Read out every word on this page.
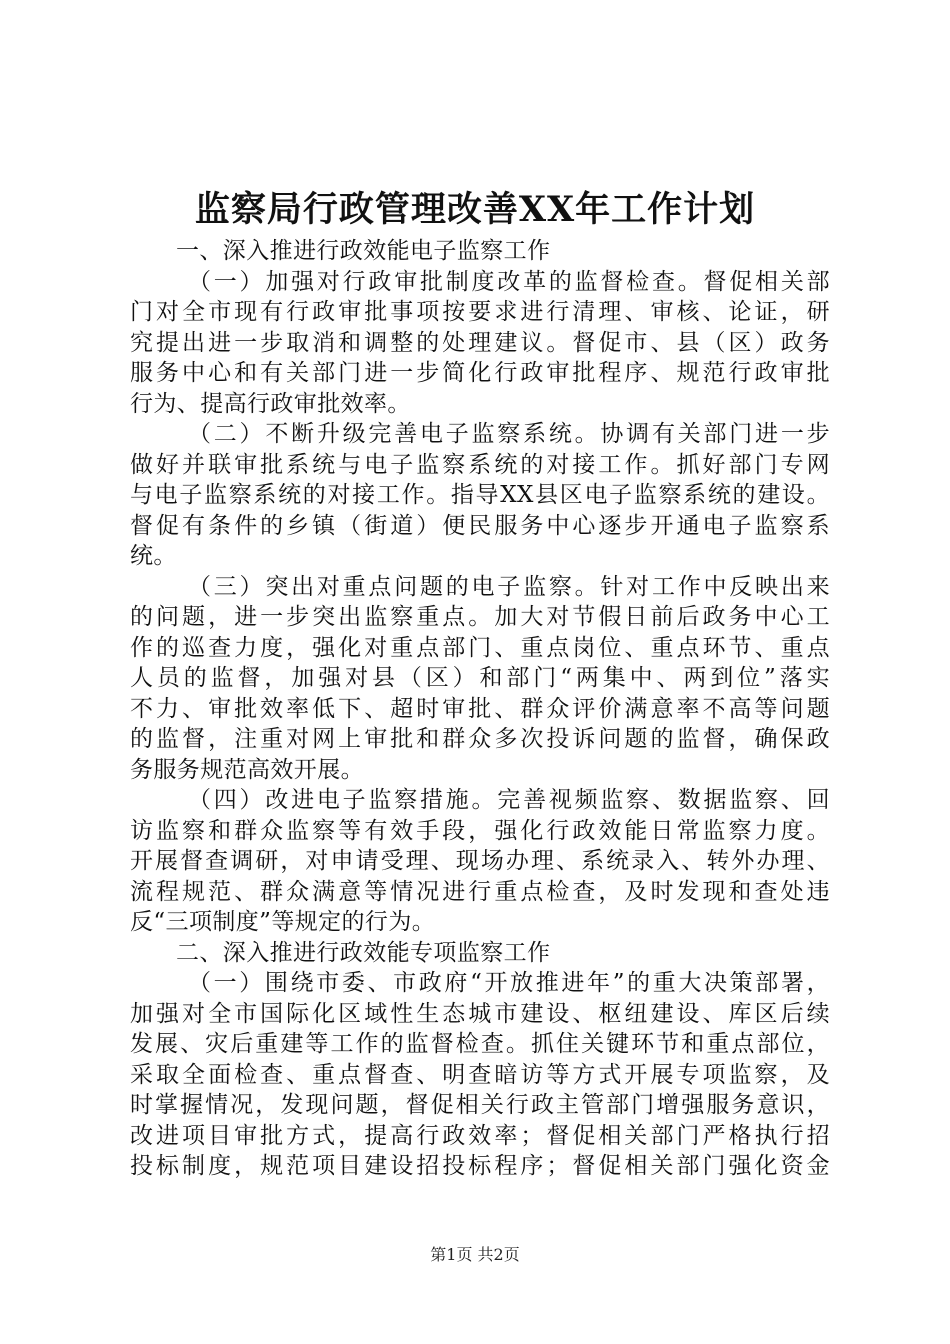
监察局行政管理改善XX年工作计划
一、深入推进行政效能电子监察工作
（一）加强对行政审批制度改革的监督检查。督促相关部
门对全市现有行政审批事项按要求进行清理、审核、论证，研
究提出进一步取消和调整的处理建议。督促市、县（区）政务
服务中心和有关部门进一步简化行政审批程序、规范行政审批
行为、提高行政审批效率。
（二）不断升级完善电子监察系统。协调有关部门进一步
做好并联审批系统与电子监察系统的对接工作。抓好部门专网
与电子监察系统的对接工作。指导XX县区电子监察系统的建设。
督促有条件的乡镇（街道）便民服务中心逐步开通电子监察系
统。
（三）突出对重点问题的电子监察。针对工作中反映出来
的问题，进一步突出监察重点。加大对节假日前后政务中心工
作的巡查力度，强化对重点部门、重点岗位、重点环节、重点
人员的监督，加强对县（区）和部门“两集中、两到位”落实
不力、审批效率低下、超时审批、群众评价满意率不高等问题
的监督，注重对网上审批和群众多次投诉问题的监督，确保政
务服务规范高效开展。
（四）改进电子监察措施。完善视频监察、数据监察、回
访监察和群众监察等有效手段，强化行政效能日常监察力度。
开展督查调研，对申请受理、现场办理、系统录入、转外办理、
流程规范、群众满意等情况进行重点检查，及时发现和查处违
反“三项制度”等规定的行为。
二、深入推进行政效能专项监察工作
（一）围绕市委、市政府“开放推进年”的重大决策部署，
加强对全市国际化区域性生态城市建设、枢纽建设、库区后续
发展、灾后重建等工作的监督检查。抓住关键环节和重点部位，
采取全面检查、重点督查、明查暗访等方式开展专项监察，及
时掌握情况，发现问题，督促相关行政主管部门增强服务意识，
改进项目审批方式，提高行政效率；督促相关部门严格执行招
投标制度，规范项目建设招投标程序；督促相关部门强化资金
第1页 共2页
